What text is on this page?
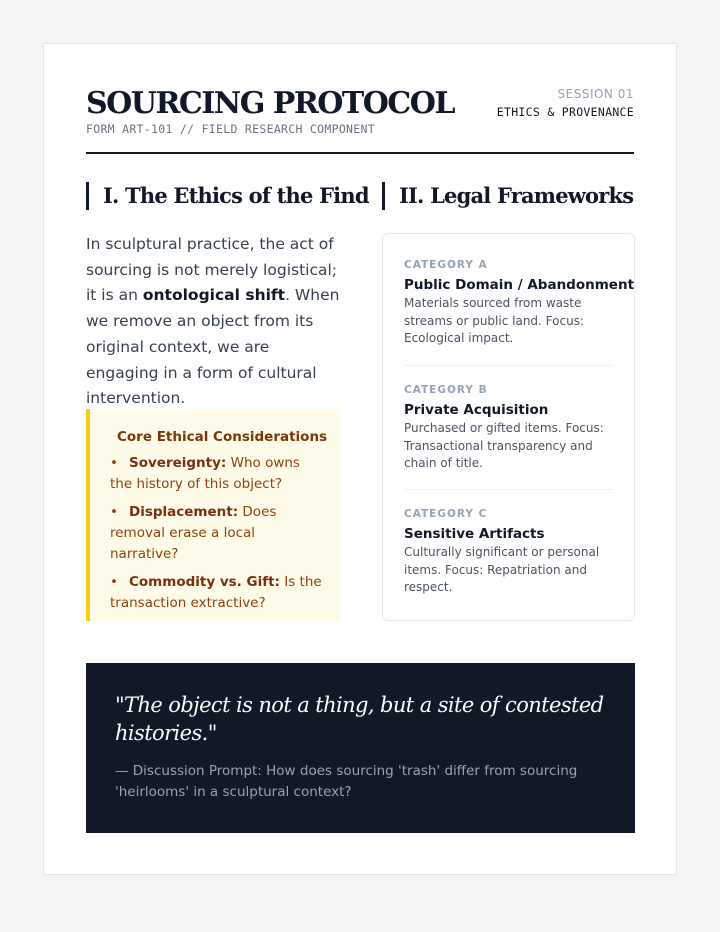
SOURCING PROTOCOL
FORM ART-101 // FIELD RESEARCH COMPONENT
SESSION 01
ETHICS & PROVENANCE
I. The Ethics of the Find

In sculptural practice, the act of sourcing is not merely logistical; it is an ontological shift. When we remove an object from its original context, we are engaging in a form of cultural intervention.

Core Ethical Considerations
• Sovereignty: Who owns the history of this object?
• Displacement: Does removal erase a local narrative?
• Commodity vs. Gift: Is the transaction extractive?
II. Legal Frameworks
CATEGORY A
Public Domain / Abandonment
Materials sourced from waste streams or public land. Focus: Ecological impact.
CATEGORY B
Private Acquisition
Purchased or gifted items. Focus: Transactional transparency and chain of title.
CATEGORY C
Sensitive Artifacts
Culturally significant or personal items. Focus: Repatriation and respect.
"The object is not a thing, but a site of contested histories."
— Discussion Prompt: How does sourcing 'trash' differ from sourcing 'heirlooms' in a sculptural context?
